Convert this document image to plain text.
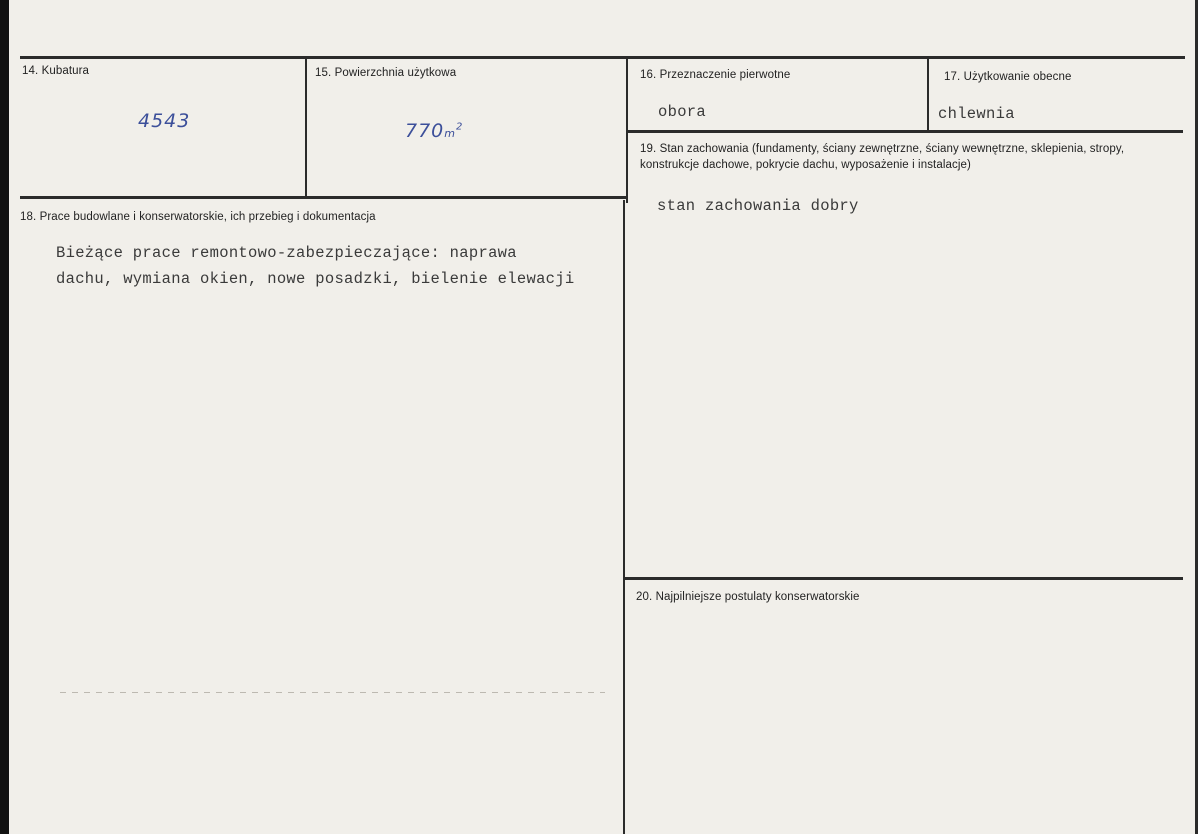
14. Kubatura
4543
15. Powierzchnia użytkowa
$770m^2$
16. Przeznaczenie pierwotne
obora
17. Użytkowanie obecne
chlewnia
19. Stan zachowania (fundamenty, ściany zewnętrzne, ściany wewnętrzne, sklepienia, stropy, konstrukcje dachowe, pokrycie dachu, wyposażenie i instalacje)
stan zachowania dobry
18. Prace budowlane i konserwatorskie, ich przebieg i dokumentacja
Bieżące prace remontowo-zabezpieczające: naprawa
dachu, wymiana okien, nowe posadzki, bielenie elewacji
20. Najpilniejsze postulaty konserwatorskie
